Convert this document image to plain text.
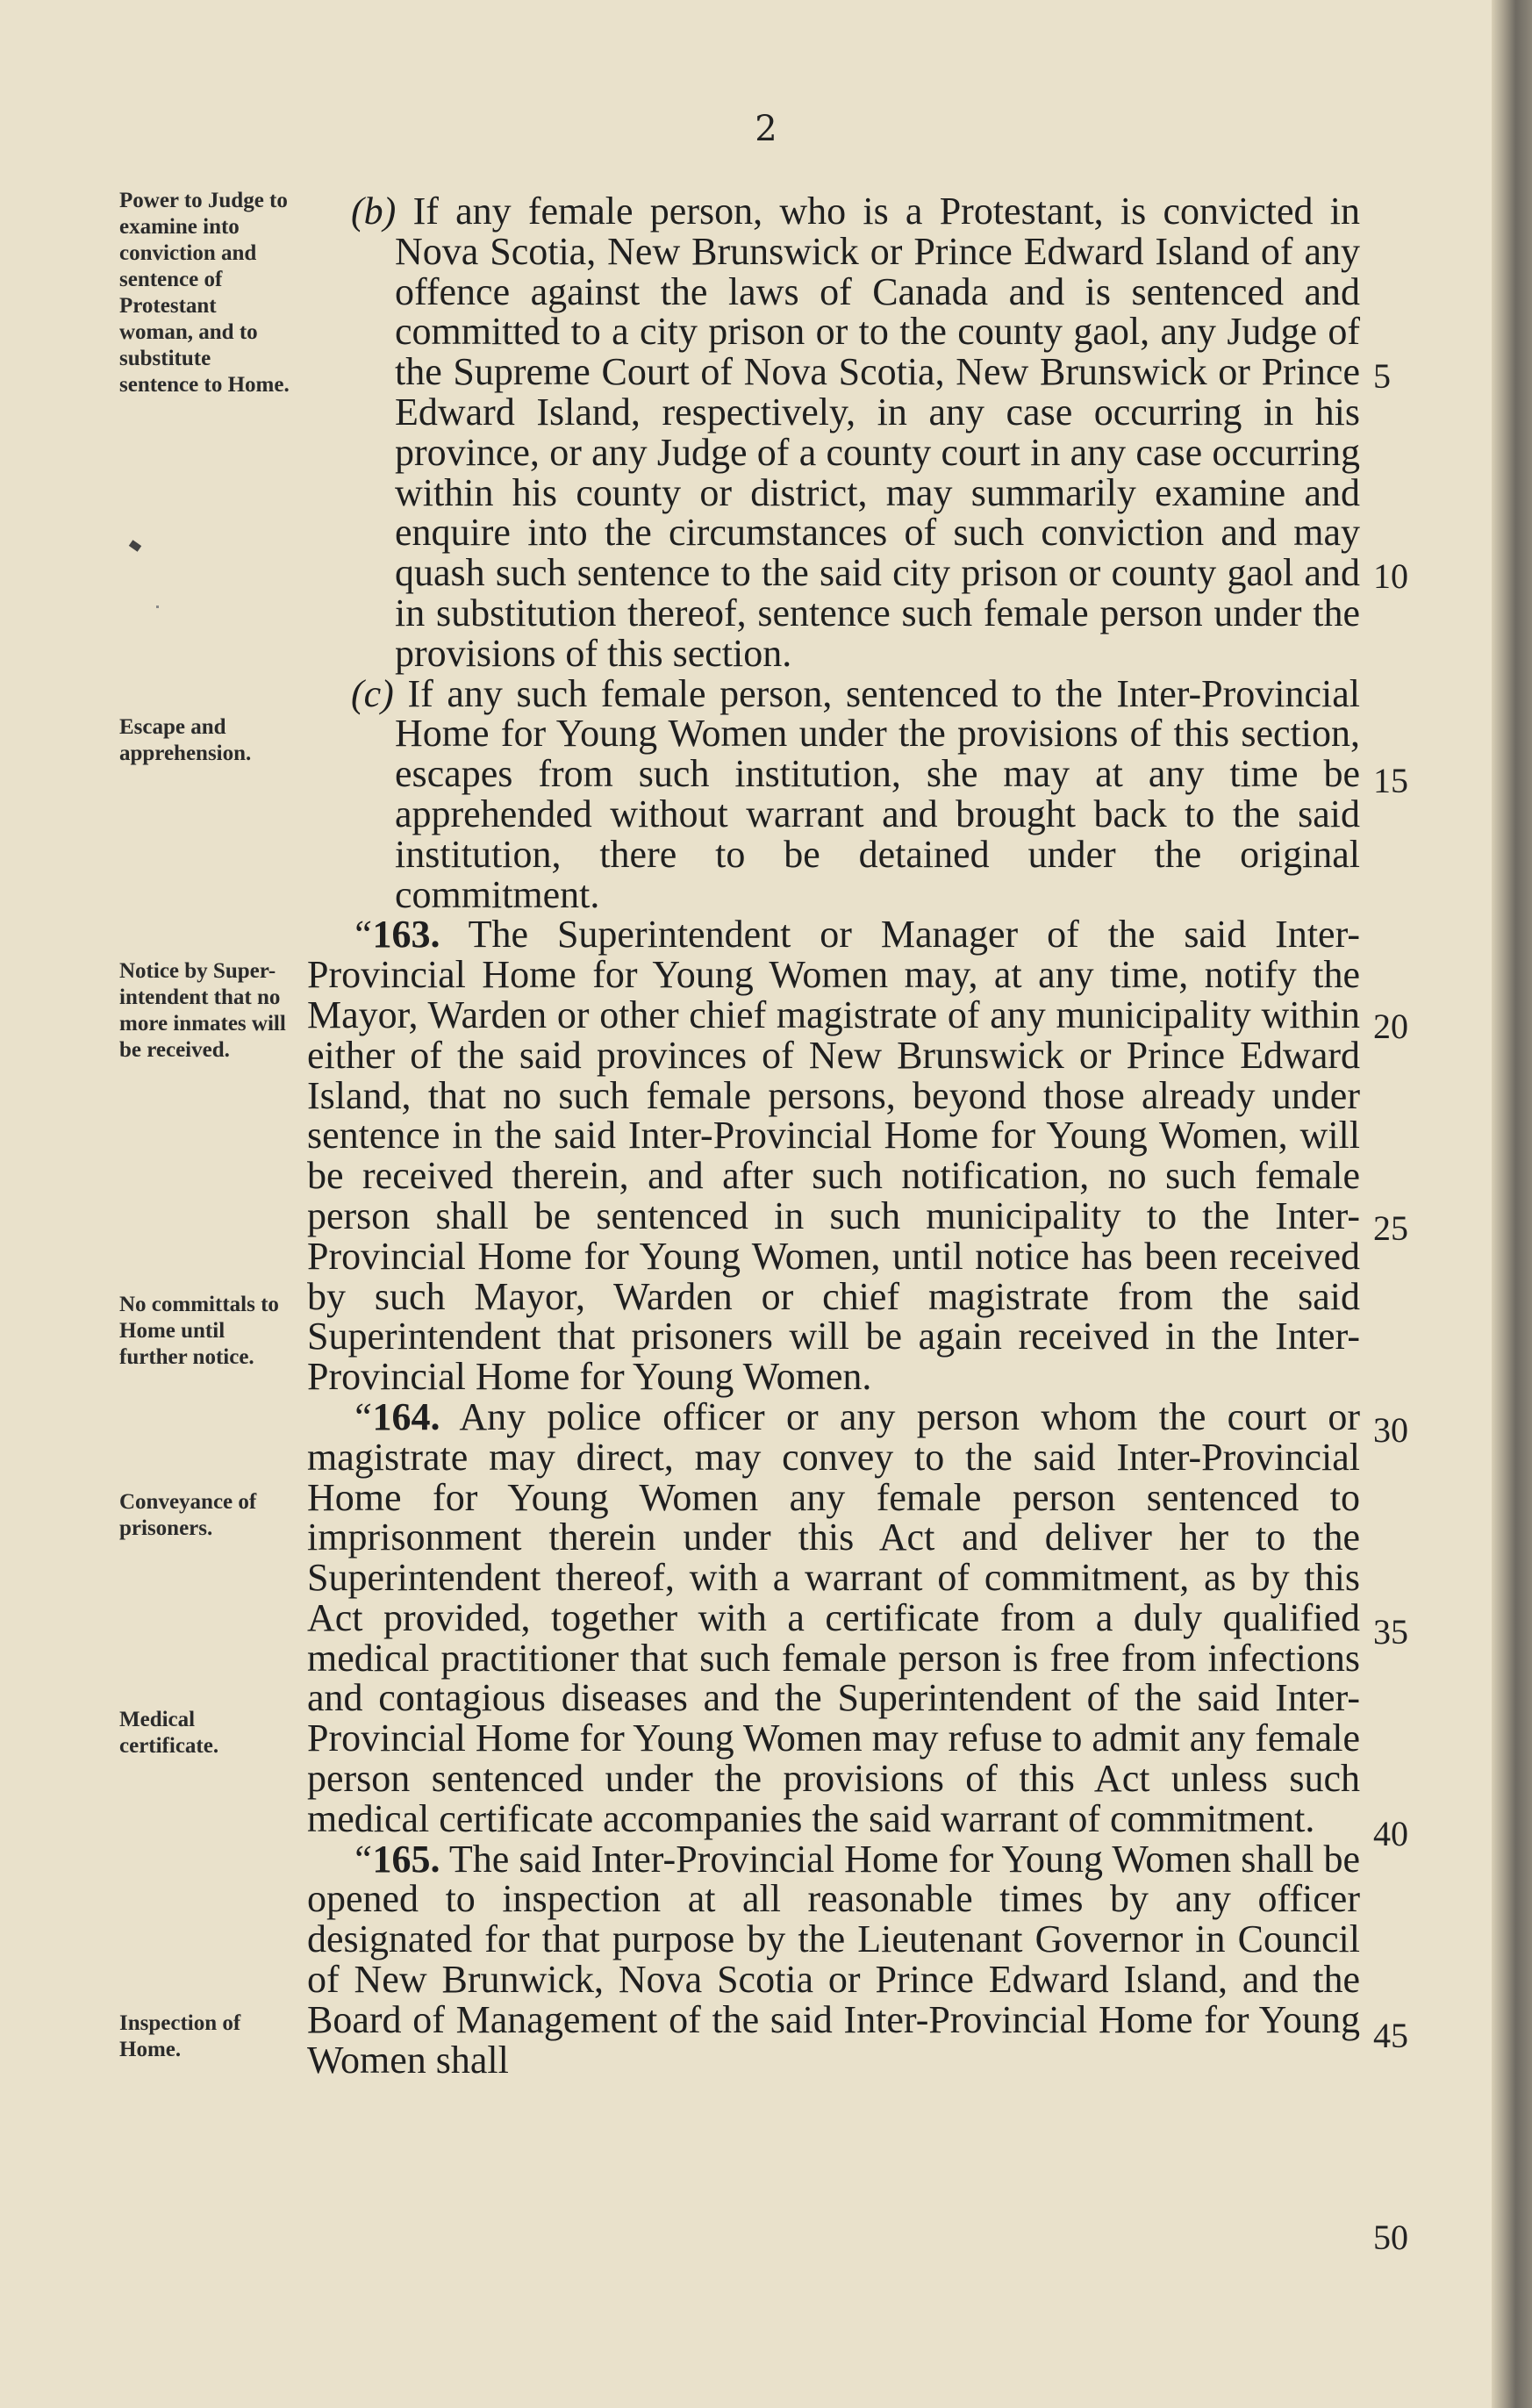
2
Power to Judge to examine into conviction and sentence of Protestant woman, and to substitute sentence to Home.
Escape and apprehension.
Notice by Super-intendent that no more inmates will be received.
No committals to Home until further notice.
Conveyance of prisoners.
Medical certificate.
Inspection of Home.

(b) If any female person, who is a Protestant, is convicted in Nova Scotia, New Brunswick or Prince Edward Island of any offence against the laws of Canada and is sentenced and committed to a city prison or to the county gaol, any Judge of the Supreme Court of Nova Scotia, New Brunswick or Prince Edward Island, respectively, in any case occurring in his province, or any Judge of a county court in any case occurring within his county or district, may summarily examine and enquire into the circumstances of such conviction and may quash such sentence to the said city prison or county gaol and in substitution thereof, sentence such female person under the provisions of this section.

(c) If any such female person, sentenced to the Inter-Provincial Home for Young Women under the provisions of this section, escapes from such institution, she may at any time be apprehended without warrant and brought back to the said institution, there to be detained under the original commitment.

“163. The Superintendent or Manager of the said Inter-Provincial Home for Young Women may, at any time, notify the Mayor, Warden or other chief magistrate of any municipality within either of the said provinces of New Brunswick or Prince Edward Island, that no such female persons, beyond those already under sentence in the said Inter-Provincial Home for Young Women, will be received therein, and after such notification, no such female person shall be sentenced in such municipality to the Inter-Provincial Home for Young Women, until notice has been received by such Mayor, Warden or chief magistrate from the said Superintendent that prisoners will be again received in the Inter-Provincial Home for Young Women.

“164. Any police officer or any person whom the court or magistrate may direct, may convey to the said Inter-Provincial Home for Young Women any female person sentenced to imprisonment therein under this Act and deliver her to the Superintendent thereof, with a warrant of commitment, as by this Act provided, together with a certificate from a duly qualified medical practitioner that such female person is free from infections and contagious diseases and the Superintendent of the said Inter-Provincial Home for Young Women may refuse to admit any female person sentenced under the provisions of this Act unless such medical certificate accompanies the said warrant of commitment.

“165. The said Inter-Provincial Home for Young Women shall be opened to inspection at all reasonable times by any officer designated for that purpose by the Lieutenant Governor in Council of New Brunwick, Nova Scotia or Prince Edward Island, and the Board of Management of the said Inter-Provincial Home for Young Women shall

5
10
15
20
25
30
35
40
45
50
